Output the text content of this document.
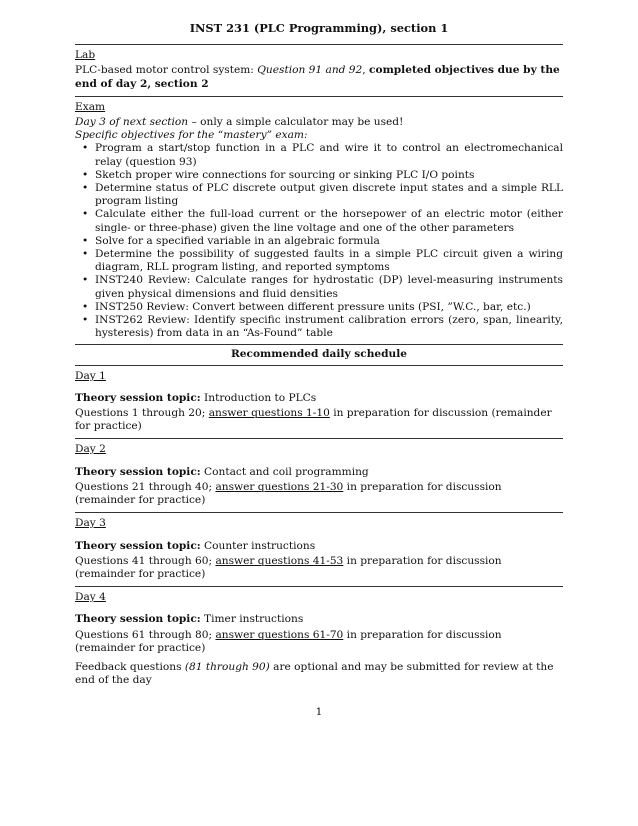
INST 231 (PLC Programming), section 1
Lab

PLC-based motor control system: Question 91 and 92, completed objectives due by the end of day 2, section 2

Exam

Day 3 of next section – only a simple calculator may be used!

Specific objectives for the “mastery” exam:

• Program a start/stop function in a PLC and wire it to control an electromechanical relay (question 93)
• Sketch proper wire connections for sourcing or sinking PLC I/O points
• Determine status of PLC discrete output given discrete input states and a simple RLL program listing
• Calculate either the full-load current or the horsepower of an electric motor (either single- or three-phase) given the line voltage and one of the other parameters
• Solve for a specified variable in an algebraic formula
• Determine the possibility of suggested faults in a simple PLC circuit given a wiring diagram, RLL program listing, and reported symptoms
• INST240 Review: Calculate ranges for hydrostatic (DP) level-measuring instruments given physical dimensions and fluid densities
• INST250 Review: Convert between different pressure units (PSI, ”W.C., bar, etc.)
• INST262 Review: Identify specific instrument calibration errors (zero, span, linearity, hysteresis) from data in an “As-Found” table
Recommended daily schedule
Day 1

Theory session topic: Introduction to PLCs

Questions 1 through 20; answer questions 1-10 in preparation for discussion (remainder for practice)

Day 2

Theory session topic: Contact and coil programming

Questions 21 through 40; answer questions 21-30 in preparation for discussion (remainder for practice)

Day 3

Theory session topic: Counter instructions

Questions 41 through 60; answer questions 41-53 in preparation for discussion (remainder for practice)

Day 4

Theory session topic: Timer instructions

Questions 61 through 80; answer questions 61-70 in preparation for discussion (remainder for practice)

Feedback questions (81 through 90) are optional and may be submitted for review at the end of the day

1
